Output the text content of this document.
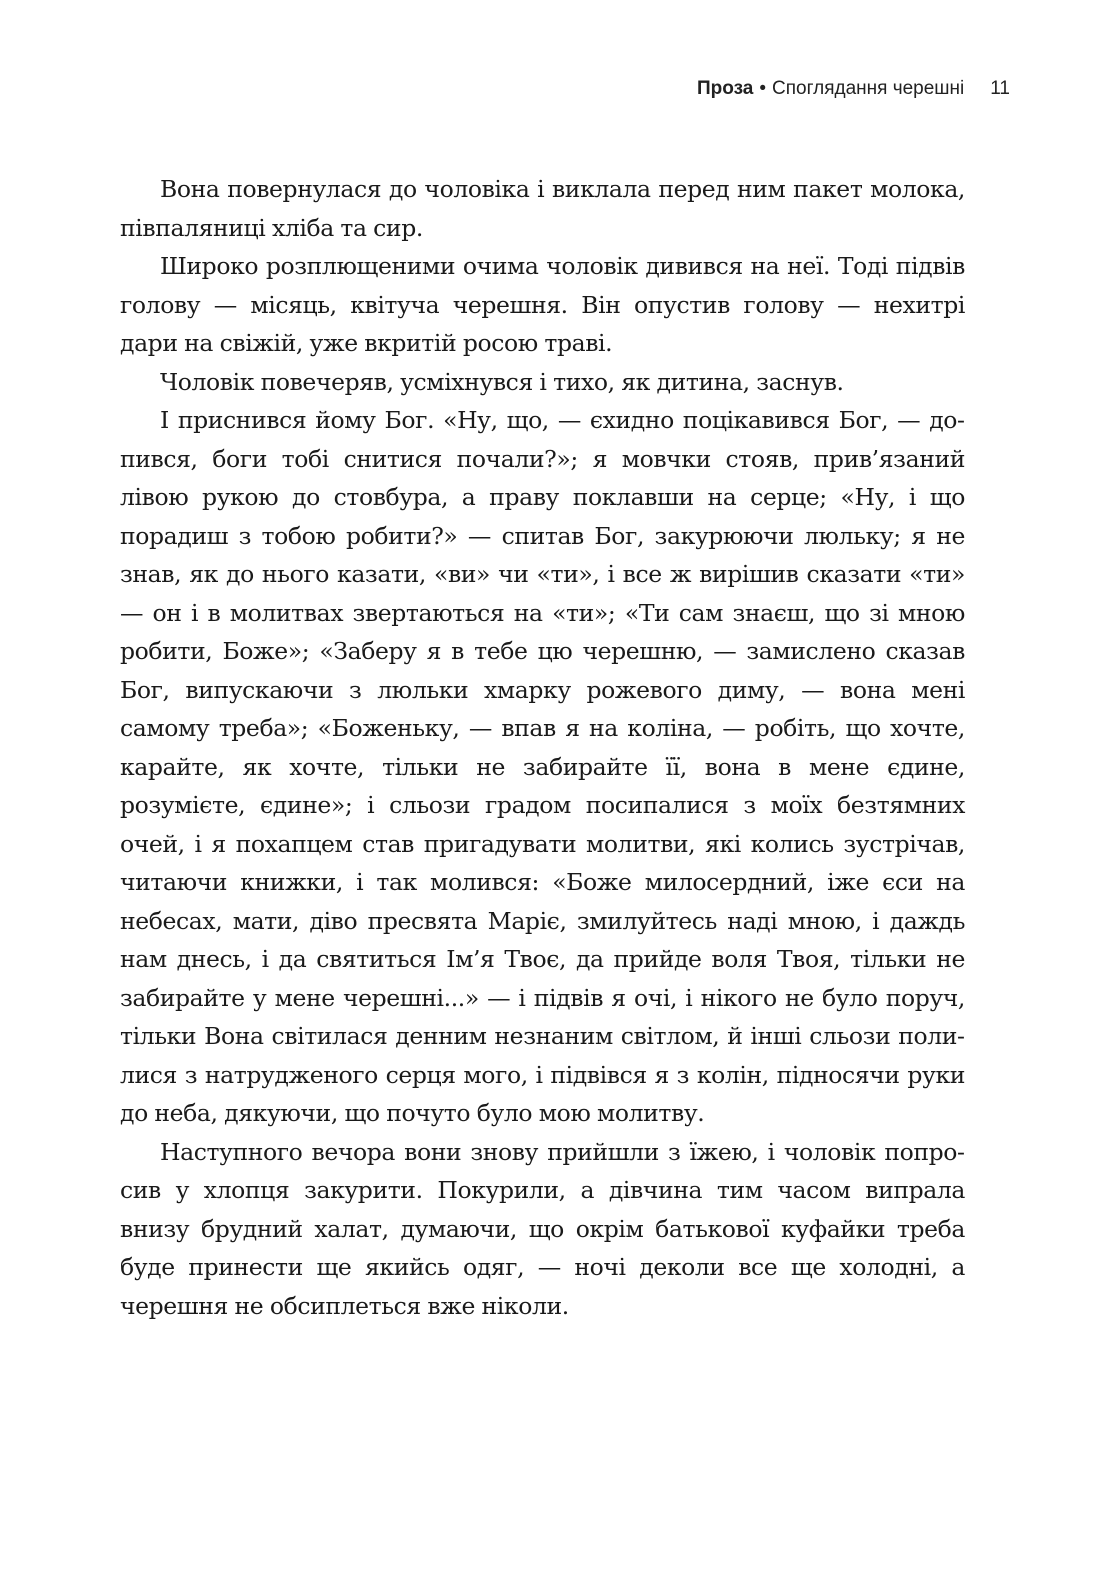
Проза • Споглядання черешні 11

Вона повернулася до чоловіка і виклала перед ним пакет молока, півпаляниці хліба та сир.

Широко розплющеними очима чоловік дивився на неї. Тоді підвів голову — місяць, квітуча черешня. Він опустив голову — нехитрі дари на свіжій, уже вкритій росою траві.

Чоловік повечеряв, усміхнувся і тихо, як дитина, заснув.

І приснився йому Бог. «Ну, що, — єхидно поцікавився Бог, — допився, боги тобі снитися почали?»; я мовчки стояв, прив’язаний лівою рукою до стовбура, а праву поклавши на серце; «Ну, і що порадиш з тобою робити?» — спитав Бог, закурюючи люльку; я не знав, як до нього казати, «ви» чи «ти», і все ж вирішив сказати «ти» — он і в молитвах звертаються на «ти»; «Ти сам знаєш, що зі мною робити, Боже»; «Заберу я в тебе цю черешню, — замислено сказав Бог, випускаючи з люльки хмарку рожевого диму, — вона мені самому треба»; «Боженьку, — впав я на коліна, — робіть, що хочте, карайте, як хочте, тільки не забирайте її, вона в мене єдине, розумієте, єдине»; і сльози градом посипалися з моїх безтямних очей, і я похапцем став пригадувати молитви, які колись зустрічав, читаючи книжки, і так молився: «Боже милосердний, іже єси на небесах, мати, діво пресвята Маріє, змилуйтесь наді мною, і даждь нам днесь, і да святиться Ім’я Твоє, да прийде воля Твоя, тільки не забирайте у мене черешні...» — і підвів я очі, і нікого не було поруч, тільки Вона світилася денним незнаним світлом, й інші сльози полилися з натрудженого серця мого, і підвівся я з колін, підносячи руки до неба, дякуючи, що почуто було мою молитву.

Наступного вечора вони знову прийшли з їжею, і чоловік попросив у хлопця закурити. Покурили, а дівчина тим часом випрала внизу брудний халат, думаючи, що окрім батькової куфайки треба буде принести ще якийсь одяг, — ночі деколи все ще холодні, а черешня не обсиплеться вже ніколи.
